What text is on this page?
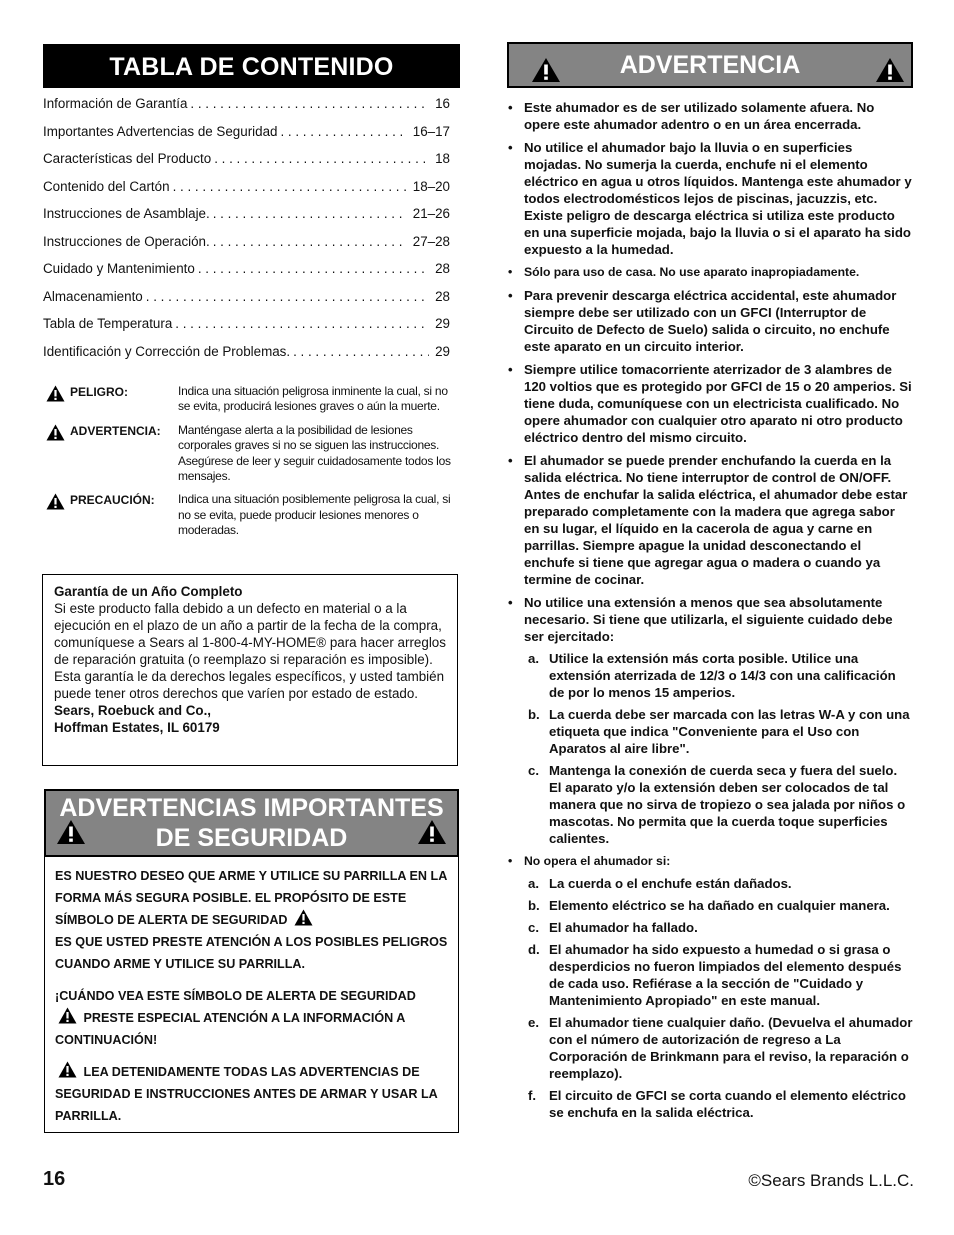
TABLA DE CONTENIDO
Información de Garantía . . .	16
Importantes Advertencias de Seguridad . . .	16–17
Características del Producto . . .	18
Contenido del Cartón . . .	18–20
Instrucciones de Asamblaje. . . .	21–26
Instrucciones de Operación. . . .	27–28
Cuidado y Mantenimiento . . .	28
Almacenamiento . . .	28
Tabla de Temperatura . . .	29
Identificación y Corrección de Problemas. . . .	29
PELIGRO:	Indica una situación peligrosa inminente la cual, si no se evita, producirá lesiones graves o aún la muerte.
ADVERTENCIA: Manténgase alerta a la posibilidad de lesiones corporales graves si no se siguen las instrucciones. Asegúrese de leer y seguir cuidadosamente todos los mensajes.
PRECAUCIÓN: Indica una situación posiblemente peligrosa la cual, si no se evita, puede producir lesiones menores o moderadas.
Garantía de un Año Completo
Si este producto falla debido a un defecto en material o a la ejecución en el plazo de un año a partir de la fecha de la compra, comuníquese a Sears al 1-800-4-MY-HOME® para hacer arreglos de reparación gratuita (o reemplazo si reparación es imposible). Esta garantía le da derechos legales específicos, y usted también puede tener otros derechos que varíen por estado de estado.
Sears, Roebuck and Co.,
Hoffman Estates, IL 60179
ADVERTENCIAS IMPORTANTES
DE SEGURIDAD

ES NUESTRO DESEO QUE ARME Y UTILICE SU PARRILLA EN LA FORMA MÁS SEGURA POSIBLE. EL PROPÓSITO DE ESTE SÍMBOLO DE ALERTA DE SEGURIDAD

ES QUE USTED PRESTE ATENCIÓN A LOS POSIBLES PELIGROS CUANDO ARME Y UTILICE SU PARRILLA.

¡CUÁNDO VEA ESTE SÍMBOLO DE ALERTA DE SEGURIDAD

PRESTE ESPECIAL ATENCIÓN A LA INFORMACIÓN A CONTINUACIÓN!

LEA DETENIDAMENTE TODAS LAS ADVERTENCIAS DE SEGURIDAD E INSTRUCCIONES ANTES DE ARMAR Y USAR LA PARRILLA.

ADVERTENCIA
• Este ahumador es de ser utilizado solamente afuera. No opere este ahumador adentro o en un área encerrada.
• No utilice el ahumador bajo la lluvia o en superficies mojadas. No sumerja la cuerda, enchufe ni el elemento eléctrico en agua u otros líquidos. Mantenga este ahumador y todos electrodomésticos lejos de piscinas, jacuzzis, etc. Existe peligro de descarga eléctrica si utiliza este producto en una superficie mojada, bajo la lluvia o si el aparato ha sido expuesto a la humedad.
• Sólo para uso de casa. No use aparato inapropiadamente.
• Para prevenir descarga eléctrica accidental, este ahumador siempre debe ser utilizado con un GFCI (Interruptor de Circuito de Defecto de Suelo) salida o circuito, no enchufe este aparato en un circuito interior.
• Siempre utilice tomacorriente aterrizador de 3 alambres de 120 voltios que es protegido por GFCI de 15 o 20 amperios. Si tiene duda, comuníquese con un electricista cualificado. No opere ahumador con cualquier otro aparato ni otro producto eléctrico dentro del mismo circuito.
• El ahumador se puede prender enchufando la cuerda en la salida eléctrica. No tiene interruptor de control de ON/OFF. Antes de enchufar la salida eléctrica, el ahumador debe estar preparado completamente con la madera que agrega sabor en su lugar, el líquido en la cacerola de agua y carne en parrillas. Siempre apague la unidad desconectando el enchufe si tiene que agregar agua o madera o cuando ya termine de cocinar.
• No utilice una extensión a menos que sea absolutamente necesario. Si tiene que utilizarla, el siguiente cuidado debe ser ejercitado:
a. Utilice la extensión más corta posible. Utilice una extensión aterrizada de 12/3 o 14/3 con una calificación de por lo menos 15 amperios.
b. La cuerda debe ser marcada con las letras W-A y con una etiqueta que indica "Conveniente para el Uso con Aparatos al aire libre".
c. Mantenga la conexión de cuerda seca y fuera del suelo. El aparato y/o la extensión deben ser colocados de tal manera que no sirva de tropiezo o sea jalada por niños o mascotas. No permita que la cuerda toque superficies calientes.
• No opera el ahumador si:
a. La cuerda o el enchufe están dañados.
b. Elemento eléctrico se ha dañado en cualquier manera.
c. El ahumador ha fallado.
d. El ahumador ha sido expuesto a humedad o si grasa o desperdicios no fueron limpiados del elemento después de cada uso. Refiérase a la sección de "Cuidado y Mantenimiento Apropiado" en este manual.
e. El ahumador tiene cualquier daño. (Devuelva el ahumador con el número de autorización de regreso a La Corporación de Brinkmann para el reviso, la reparación o reemplazo).
f. El circuito de GFCI se corta cuando el elemento eléctrico se enchufa en la salida eléctrica.
16	©Sears Brands L.L.C.
